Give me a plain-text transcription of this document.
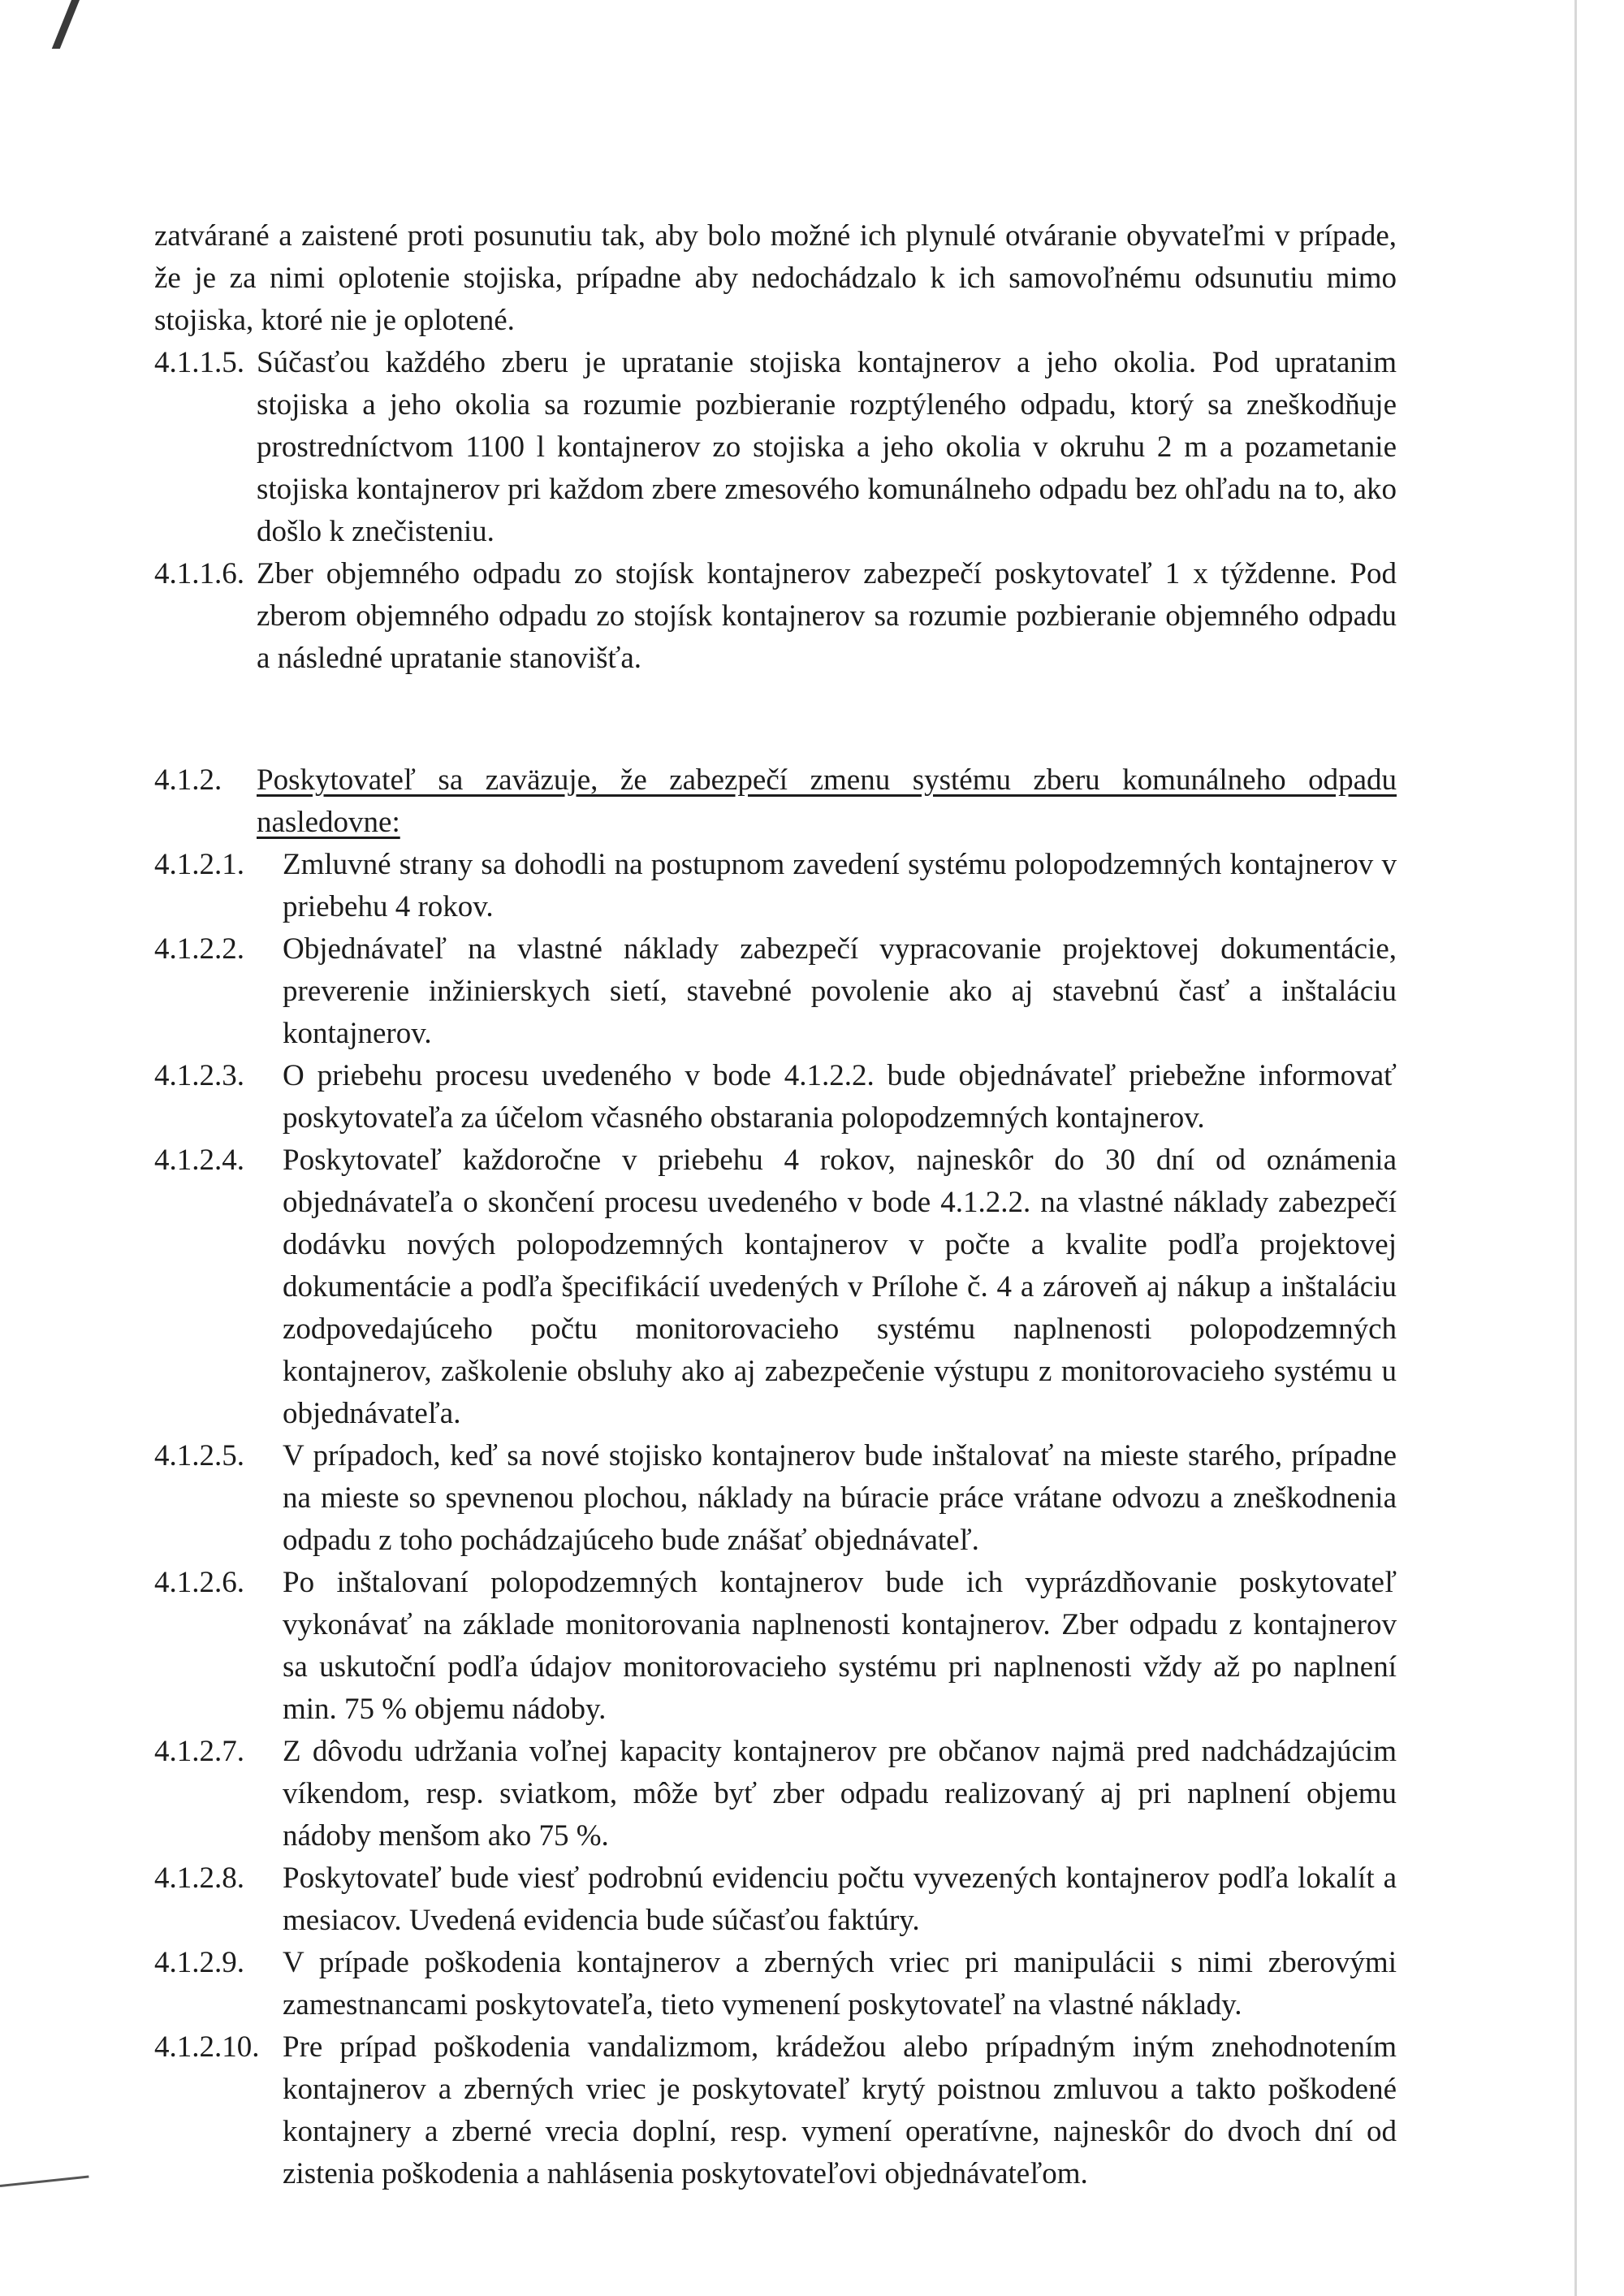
zatvárané a zaistené proti posunutiu tak, aby bolo možné ich plynulé otváranie obyvateľmi v prípade, že je za nimi oplotenie stojiska, prípadne aby nedochádzalo k ich samovoľnému odsunutiu mimo stojiska, ktoré nie je oplotené.

4.1.1.5. Súčasťou každého zberu je upratanie stojiska kontajnerov a jeho okolia. Pod upratanim stojiska a jeho okolia sa rozumie pozbieranie rozptýleného odpadu, ktorý sa zneškodňuje prostredníctvom 1100 l kontajnerov zo stojiska a jeho okolia v okruhu 2 m a pozametanie stojiska kontajnerov pri každom zbere zmesového komunálneho odpadu bez ohľadu na to, ako došlo k znečisteniu.
4.1.1.6. Zber objemného odpadu zo stojísk kontajnerov zabezpečí poskytovateľ 1 x týždenne. Pod zberom objemného odpadu zo stojísk kontajnerov sa rozumie pozbieranie objemného odpadu a následné upratanie stanovišťa.
4.1.2.	Poskytovateľ sa zaväzuje, že zabezpečí zmenu systému zberu komunálneho odpadu nasledovne:
4.1.2.1.	Zmluvné strany sa dohodli na postupnom zavedení systému polopodzemných kontajnerov v priebehu 4 rokov.
4.1.2.2.	Objednávateľ na vlastné náklady zabezpečí vypracovanie projektovej dokumentácie, preverenie inžinierskych sietí, stavebné povolenie ako aj stavebnú časť a inštaláciu kontajnerov.
4.1.2.3.	O priebehu procesu uvedeného v bode 4.1.2.2. bude objednávateľ priebežne informovať poskytovateľa za účelom včasného obstarania polopodzemných kontajnerov.
4.1.2.4.	Poskytovateľ každoročne v priebehu 4 rokov, najneskôr do 30 dní od oznámenia objednávateľa o skončení procesu uvedeného v bode 4.1.2.2. na vlastné náklady zabezpečí dodávku nových polopodzemných kontajnerov v počte a kvalite podľa projektovej dokumentácie a podľa špecifikácií uvedených v Prílohe č. 4 a zároveň aj nákup a inštaláciu zodpovedajúceho počtu monitorovacieho systému naplnenosti polopodzemných kontajnerov, zaškolenie obsluhy ako aj zabezpečenie výstupu z monitorovacieho systému u objednávateľa.
4.1.2.5.	V prípadoch, keď sa nové stojisko kontajnerov bude inštalovať na mieste starého, prípadne na mieste so spevnenou plochou, náklady na búracie práce vrátane odvozu a zneškodnenia odpadu z toho pochádzajúceho bude znášať objednávateľ.
4.1.2.6.	Po inštalovaní polopodzemných kontajnerov bude ich vyprázdňovanie poskytovateľ vykonávať na základe monitorovania naplnenosti kontajnerov. Zber odpadu z kontajnerov sa uskutoční podľa údajov monitorovacieho systému pri naplnenosti vždy až po naplnení min. 75 % objemu nádoby.
4.1.2.7.	Z dôvodu udržania voľnej kapacity kontajnerov pre občanov najmä pred nadchádzajúcim víkendom, resp. sviatkom, môže byť zber odpadu realizovaný aj pri naplnení objemu nádoby menšom ako 75 %.
4.1.2.8.	Poskytovateľ bude viesť podrobnú evidenciu počtu vyvezených kontajnerov podľa lokalít a mesiacov. Uvedená evidencia bude súčasťou faktúry.
4.1.2.9.	V prípade poškodenia kontajnerov a zberných vriec pri manipulácii s nimi zberovými zamestnancami poskytovateľa, tieto vymenení poskytovateľ na vlastné náklady.
4.1.2.10. Pre prípad poškodenia vandalizmom, krádežou alebo prípadným iným znehodnotením kontajnerov a zberných vriec je poskytovateľ krytý poistnou zmluvou a takto poškodené kontajnery a zberné vrecia doplní, resp. vymení operatívne, najneskôr do dvoch dní od zistenia poškodenia a nahlásenia poskytovateľovi objednávateľom.
